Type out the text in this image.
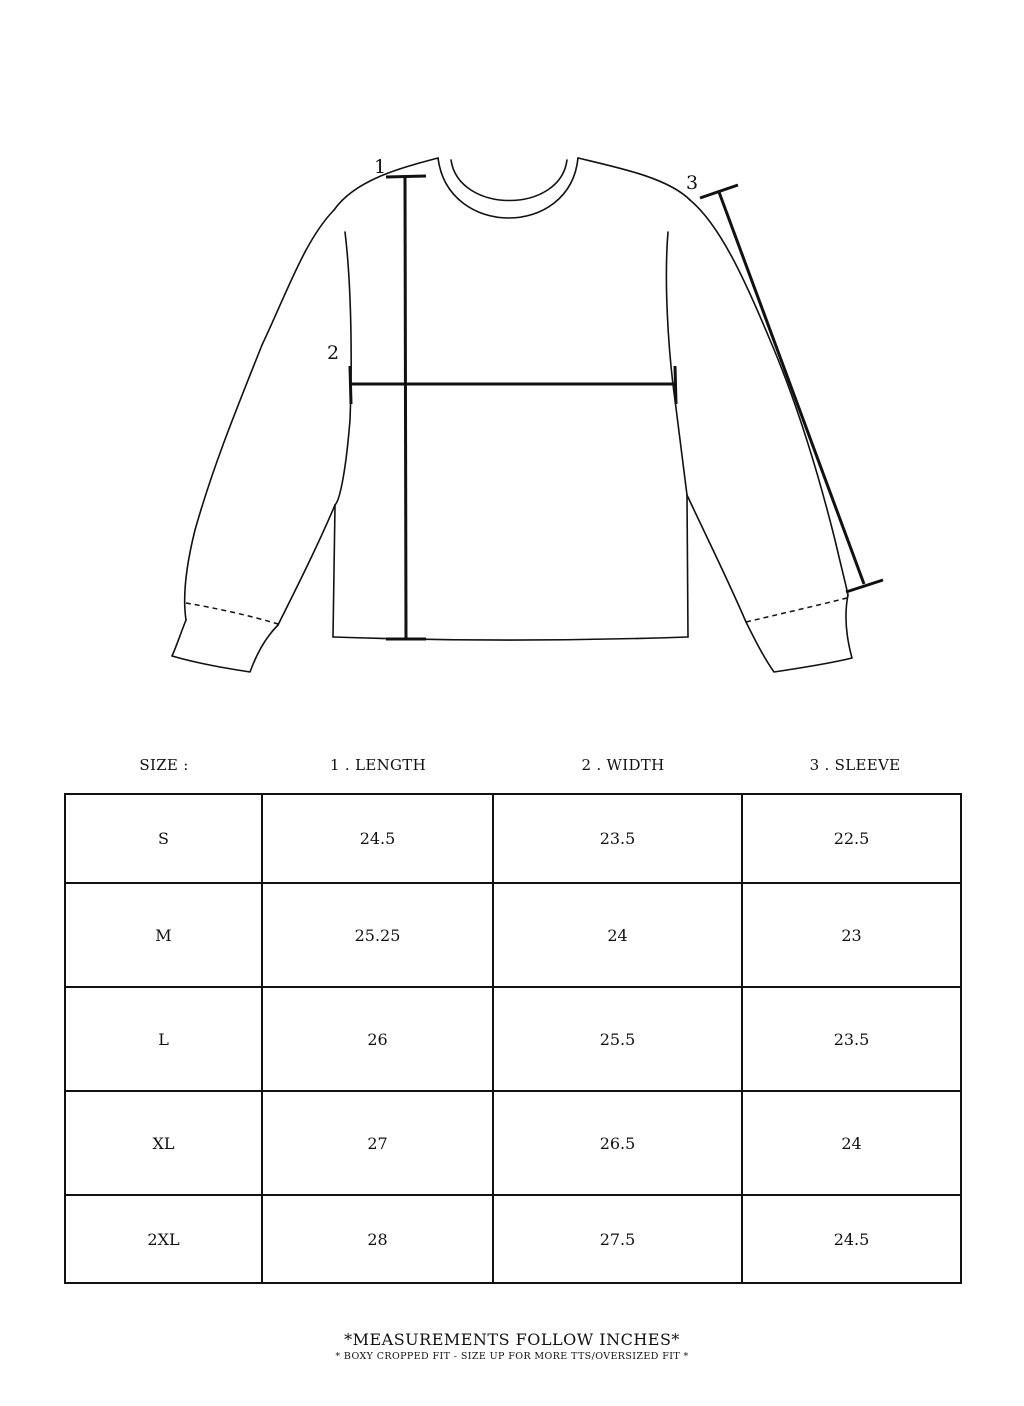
1
2
3
SIZE :	1 . LENGTH	2 . WIDTH	3 . SLEEVE
S	24.5	23.5	22.5
M	25.25	24	23
L	26	25.5	23.5
XL	27	26.5	24
2XL	28	27.5	24.5
*MEASUREMENTS FOLLOW INCHES*
* BOXY CROPPED FIT - SIZE UP FOR MORE TTS/OVERSIZED FIT *
